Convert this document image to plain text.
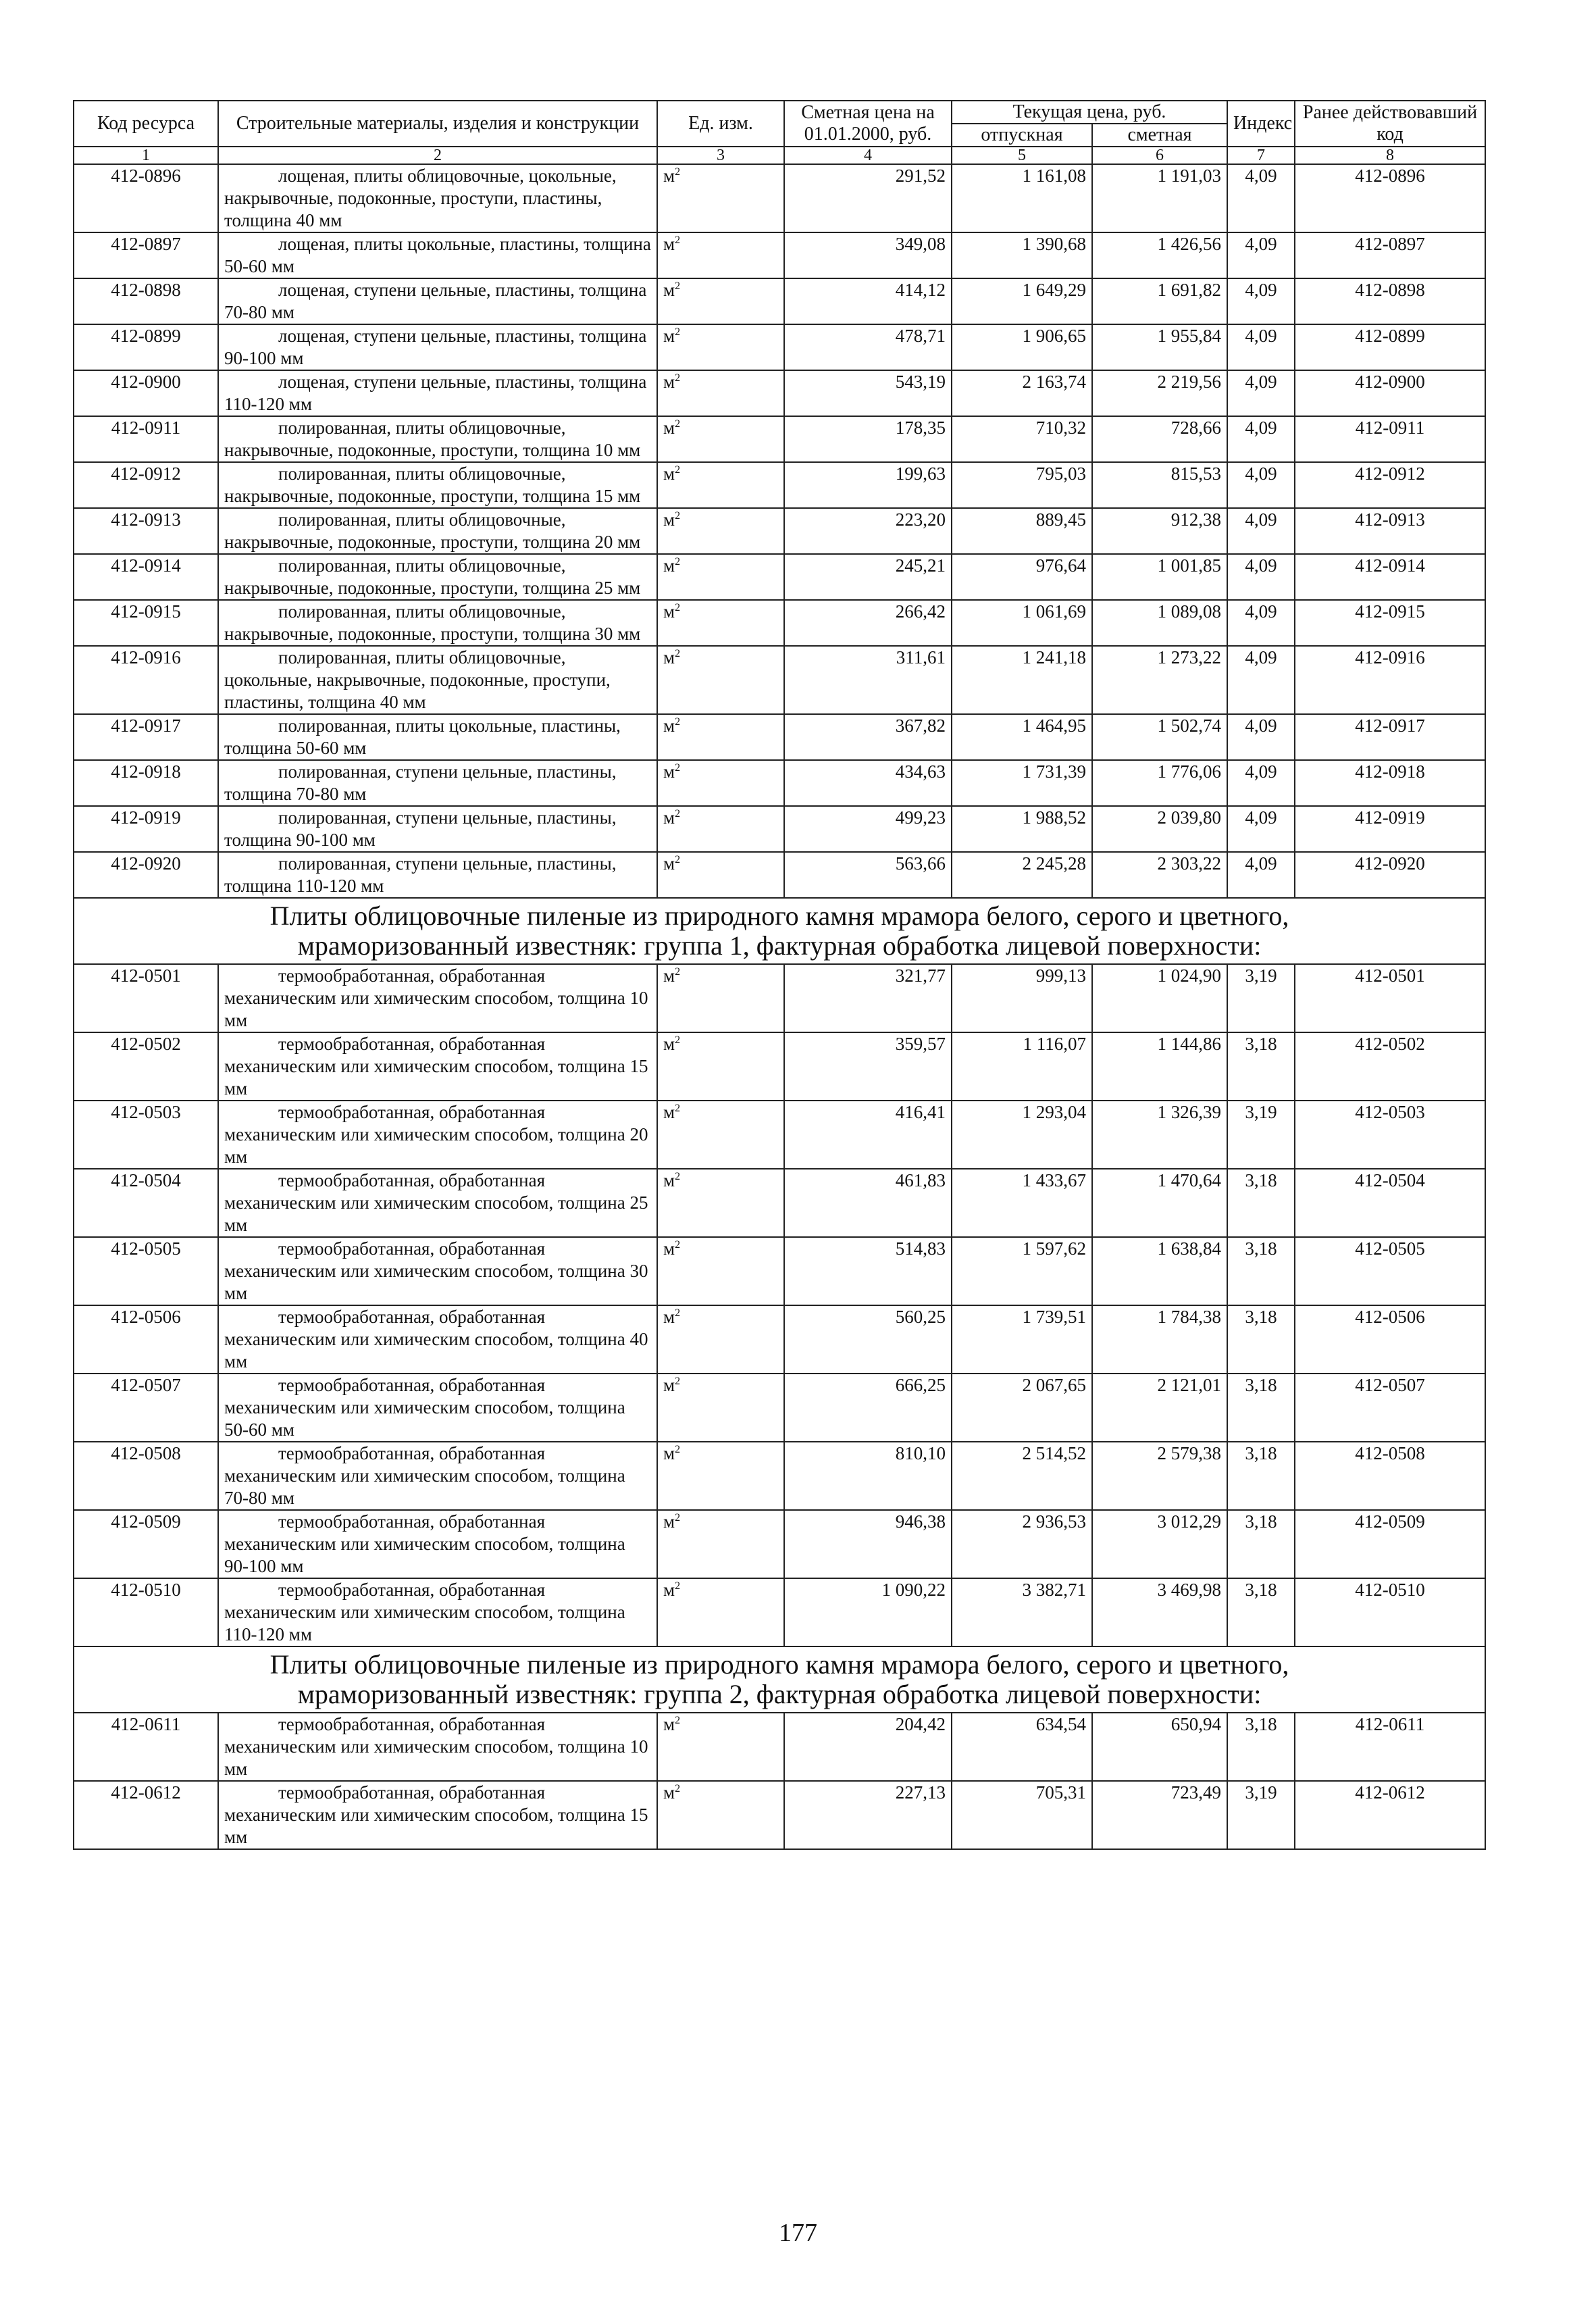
Код ресурса	Строительные материалы, изделия и конструкции	Ед. изм.	Сметная цена на 01.01.2000, руб.	Текущая цена, руб.		Индекс	Ранее действовавший код
				отпускная	сметная		
1	2	3	4	5	6	7	8
412-0896	лощеная, плиты облицовочные, цокольные, накрывочные, подоконные, проступи, пластины, толщина 40 мм	$м^2$	291,52	1 161,08	1 191,03	4,09	412-0896
412-0897	лощеная, плиты цокольные, пластины, толщина 50-60 мм	$м^2$	349,08	1 390,68	1 426,56	4,09	412-0897
412-0898	лощеная, ступени цельные, пластины, толщина 70-80 мм	$м^2$	414,12	1 649,29	1 691,82	4,09	412-0898
412-0899	лощеная, ступени цельные, пластины, толщина 90-100 мм	$м^2$	478,71	1 906,65	1 955,84	4,09	412-0899
412-0900	лощеная, ступени цельные, пластины, толщина 110-120 мм	$м^2$	543,19	2 163,74	2 219,56	4,09	412-0900
412-0911	полированная, плиты облицовочные, накрывочные, подоконные, проступи, толщина 10 мм	$м^2$	178,35	710,32	728,66	4,09	412-0911
412-0912	полированная, плиты облицовочные, накрывочные, подоконные, проступи, толщина 15 мм	$м^2$	199,63	795,03	815,53	4,09	412-0912
412-0913	полированная, плиты облицовочные, накрывочные, подоконные, проступи, толщина 20 мм	$м^2$	223,20	889,45	912,38	4,09	412-0913
412-0914	полированная, плиты облицовочные, накрывочные, подоконные, проступи, толщина 25 мм	$м^2$	245,21	976,64	1 001,85	4,09	412-0914
412-0915	полированная, плиты облицовочные, накрывочные, подоконные, проступи, толщина 30 мм	$м^2$	266,42	1 061,69	1 089,08	4,09	412-0915
412-0916	полированная, плиты облицовочные, цокольные, накрывочные, подоконные, проступи, пластины, толщина 40 мм	$м^2$	311,61	1 241,18	1 273,22	4,09	412-0916
412-0917	полированная, плиты цокольные, пластины, толщина 50-60 мм	$м^2$	367,82	1 464,95	1 502,74	4,09	412-0917
412-0918	полированная, ступени цельные, пластины, толщина 70-80 мм	$м^2$	434,63	1 731,39	1 776,06	4,09	412-0918
412-0919	полированная, ступени цельные, пластины, толщина 90-100 мм	$м^2$	499,23	1 988,52	2 039,80	4,09	412-0919
412-0920	полированная, ступени цельные, пластины, толщина 110-120 мм	$м^2$	563,66	2 245,28	2 303,22	4,09	412-0920

Плиты облицовочные пиленые из природного камня мрамора белого, серого и цветного,
мраморизованный известняк: группа 1, фактурная обработка лицевой поверхности:							

412-0501	термообработанная, обработанная механическим или химическим способом, толщина 10 мм	$м^2$	321,77	999,13	1 024,90	3,19	412-0501
412-0502	термообработанная, обработанная механическим или химическим способом, толщина 15 мм	$м^2$	359,57	1 116,07	1 144,86	3,18	412-0502
412-0503	термообработанная, обработанная механическим или химическим способом, толщина 20 мм	$м^2$	416,41	1 293,04	1 326,39	3,19	412-0503
412-0504	термообработанная, обработанная механическим или химическим способом, толщина 25 мм	$м^2$	461,83	1 433,67	1 470,64	3,18	412-0504
412-0505	термообработанная, обработанная механическим или химическим способом, толщина 30 мм	$м^2$	514,83	1 597,62	1 638,84	3,18	412-0505
412-0506	термообработанная, обработанная механическим или химическим способом, толщина 40 мм	$м^2$	560,25	1 739,51	1 784,38	3,18	412-0506
412-0507	термообработанная, обработанная механическим или химическим способом, толщина 50-60 мм	$м^2$	666,25	2 067,65	2 121,01	3,18	412-0507
412-0508	термообработанная, обработанная механическим или химическим способом, толщина 70-80 мм	$м^2$	810,10	2 514,52	2 579,38	3,18	412-0508
412-0509	термообработанная, обработанная механическим или химическим способом, толщина 90-100 мм	$м^2$	946,38	2 936,53	3 012,29	3,18	412-0509
412-0510	термообработанная, обработанная механическим или химическим способом, толщина 110-120 мм	$м^2$	1 090,22	3 382,71	3 469,98	3,18	412-0510

Плиты облицовочные пиленые из природного камня мрамора белого, серого и цветного,
мраморизованный известняк: группа 2, фактурная обработка лицевой поверхности:							

412-0611	термообработанная, обработанная механическим или химическим способом, толщина 10 мм	$м^2$	204,42	634,54	650,94	3,18	412-0611
412-0612	термообработанная, обработанная механическим или химическим способом, толщина 15 мм	$м^2$	227,13	705,31	723,49	3,19	412-0612
177
